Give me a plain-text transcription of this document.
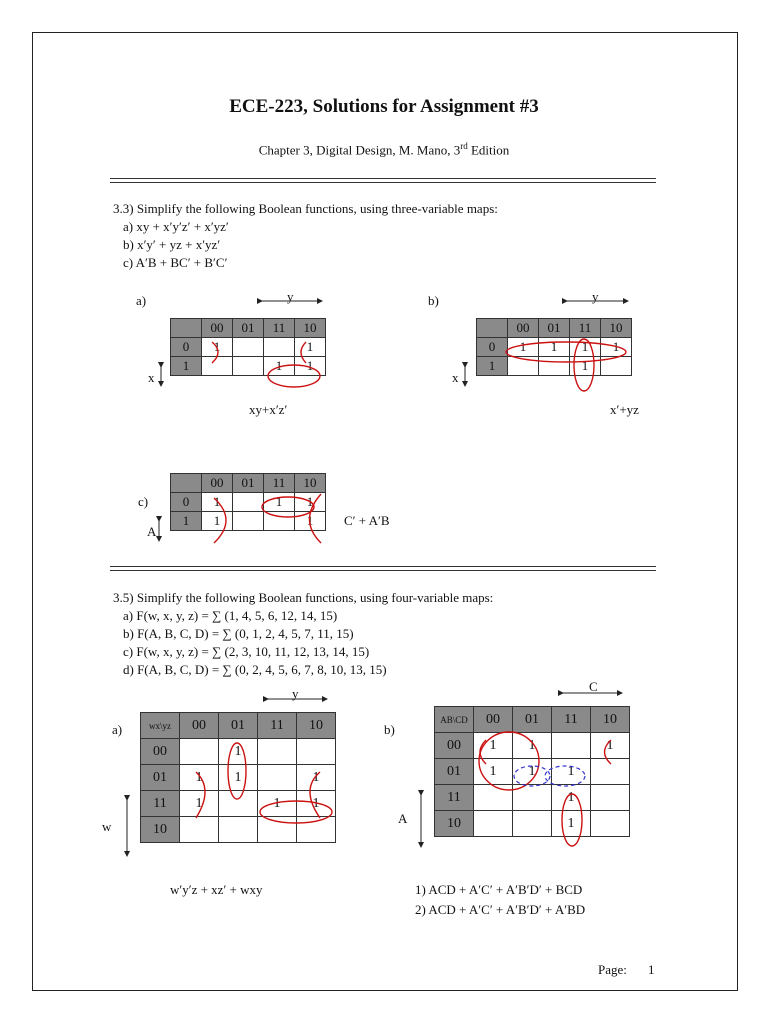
ECE-223, Solutions for Assignment #3
Chapter 3, Digital Design, M. Mano, 3rd Edition
3.3) Simplify the following Boolean functions, using three-variable maps:
a) xy + x′y′z′ + x′yz′
b) x′y′ + yz + x′yz′
c) A′B + BC′ + B′C′
a)	b)
c)
y	y
x	x
A
	00	01	11	10
0	1			1
1			1	1
	00	01	11	10
0	1	1	1	1
1			1	
	00	01	11	10
0	1		1	1
1	1			1
xy+x′z′	x′+yz
C′ + A′B
3.5) Simplify the following Boolean functions, using four-variable maps:
a) F(w, x, y, z) = ∑ (1, 4, 5, 6, 12, 14, 15)
b) F(A, B, C, D) = ∑ (0, 1, 2, 4, 5, 7, 11, 15)
c) F(w, x, y, z) = ∑ (2, 3, 10, 11, 12, 13, 14, 15)
d) F(A, B, C, D) = ∑ (0, 2, 4, 5, 6, 7, 8, 10, 13, 15)
a)	b)
y	C
w
A
wx\yz	00	01	11	10
00		1		
01	1	1		1
11	1		1	1
10				
AB\CD	00	01	11	10
00	1	1		1
01	1	1	1	
11			1	
10			1	
w′y′z + xz′ + wxy	1) ACD + A′C′ + A′B′D′ + BCD
2) ACD + A′C′ + A′B′D′ + A′BD
Page: 1
